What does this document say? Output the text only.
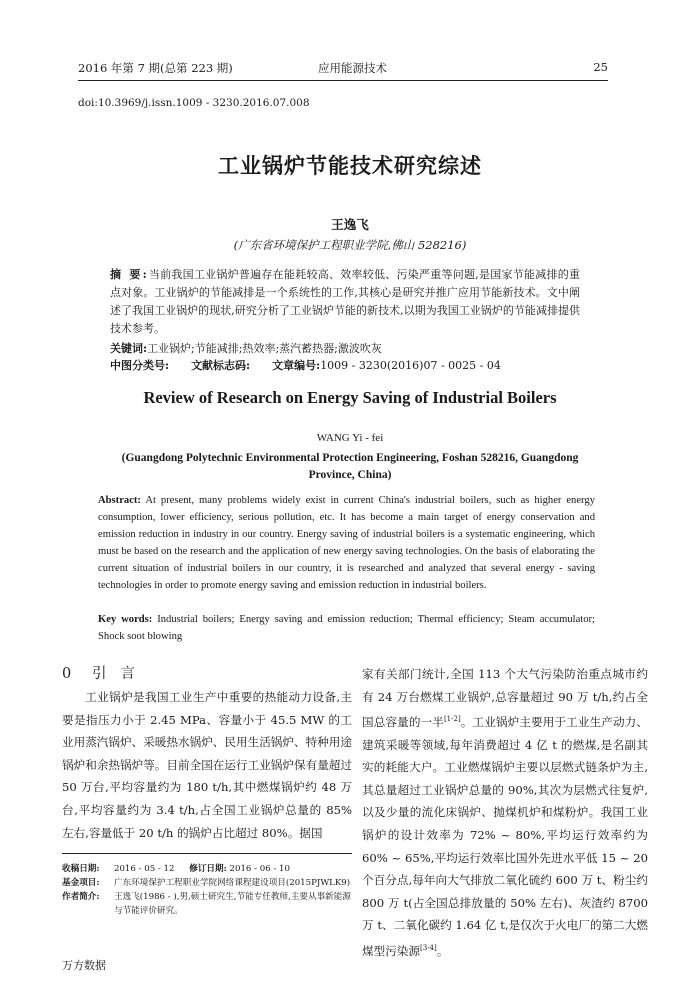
2016 年第 7 期(总第 223 期)	应用能源技术	25
doi:10.3969/j.issn.1009 - 3230.2016.07.008
工业锅炉节能技术研究综述
王逸飞
(广东省环境保护工程职业学院,佛山 528216)
摘 要:当前我国工业锅炉普遍存在能耗较高、效率较低、污染严重等问题,是国家节能减排的重点对象。工业锅炉的节能减排是一个系统性的工作,其核心是研究并推广应用节能新技术。文中阐述了我国工业锅炉的现状,研究分析了工业锅炉节能的新技术,以期为我国工业锅炉的节能减排提供技术参考。
关键词:工业锅炉;节能减排;热效率;蒸汽蓄热器;激波吹灰
中图分类号: 文献标志码: 文章编号:1009 - 3230(2016)07 - 0025 - 04
Review of Research on Energy Saving of Industrial Boilers
WANG Yi - fei
(Guangdong Polytechnic Environmental Protection Engineering, Foshan 528216, Guangdong Province, China)
Abstract: At present, many problems widely exist in current China's industrial boilers, such as higher energy consumption, lower efficiency, serious pollution, etc. It has become a main target of energy conservation and emission reduction in industry in our country. Energy saving of industrial boilers is a systematic engineering, which must be based on the research and the application of new energy saving technologies. On the basis of elaborating the current situation of industrial boilers in our country, it is researched and analyzed that several energy - saving technologies in order to promote energy saving and emission reduction in industrial boilers.
Key words: Industrial boilers; Energy saving and emission reduction; Thermal efficiency; Steam accumulator; Shock soot blowing
0 引言
工业锅炉是我国工业生产中重要的热能动力设备,主要是指压力小于 2.45 MPa、容量小于 45.5 MW 的工业用蒸汽锅炉、采暖热水锅炉、民用生活锅炉、特种用途锅炉和余热锅炉等。目前全国在运行工业锅炉保有量超过 50 万台,平均容量约为 180 t/h,其中燃煤锅炉约 48 万台,平均容量约为 3.4 t/h,占全国工业锅炉总量的 85% 左右,容量低于 20 t/h 的锅炉占比超过 80%。据国
家有关部门统计,全国 113 个大气污染防治重点城市约有 24 万台燃煤工业锅炉,总容量超过 90 万 t/h,约占全国总容量的一半[1-2]。工业锅炉主要用于工业生产动力、建筑采暖等领域,每年消费超过 4 亿 t 的燃煤,是名副其实的耗能大户。工业燃煤锅炉主要以层燃式链条炉为主,其总量超过工业锅炉总量的 90%,其次为层燃式往复炉,以及少量的流化床锅炉、抛煤机炉和煤粉炉。我国工业锅炉的设计效率为 72% ~ 80%,平均运行效率约为 60% ~ 65%,平均运行效率比国外先进水平低 15 ~ 20 个百分点,每年向大气排放二氧化硫约 600 万 t、粉尘约 800 万 t(占全国总排放量的 50% 左右)、灰渣约 8700 万 t、二氧化碳约 1.64 亿 t,是仅次于火电厂的第二大燃煤型污染源[3-4]。
收稿日期:	2016 - 05 - 12 修订日期: 2016 - 06 - 10
基金项目:	广东环境保护工程职业学院网络课程建设项目(2015PJWLK9)
作者简介:	王逸飞(1986 - ),男,硕士研究生,节能专任教师,主要从事新能源与节能评价研究。
万方数据
